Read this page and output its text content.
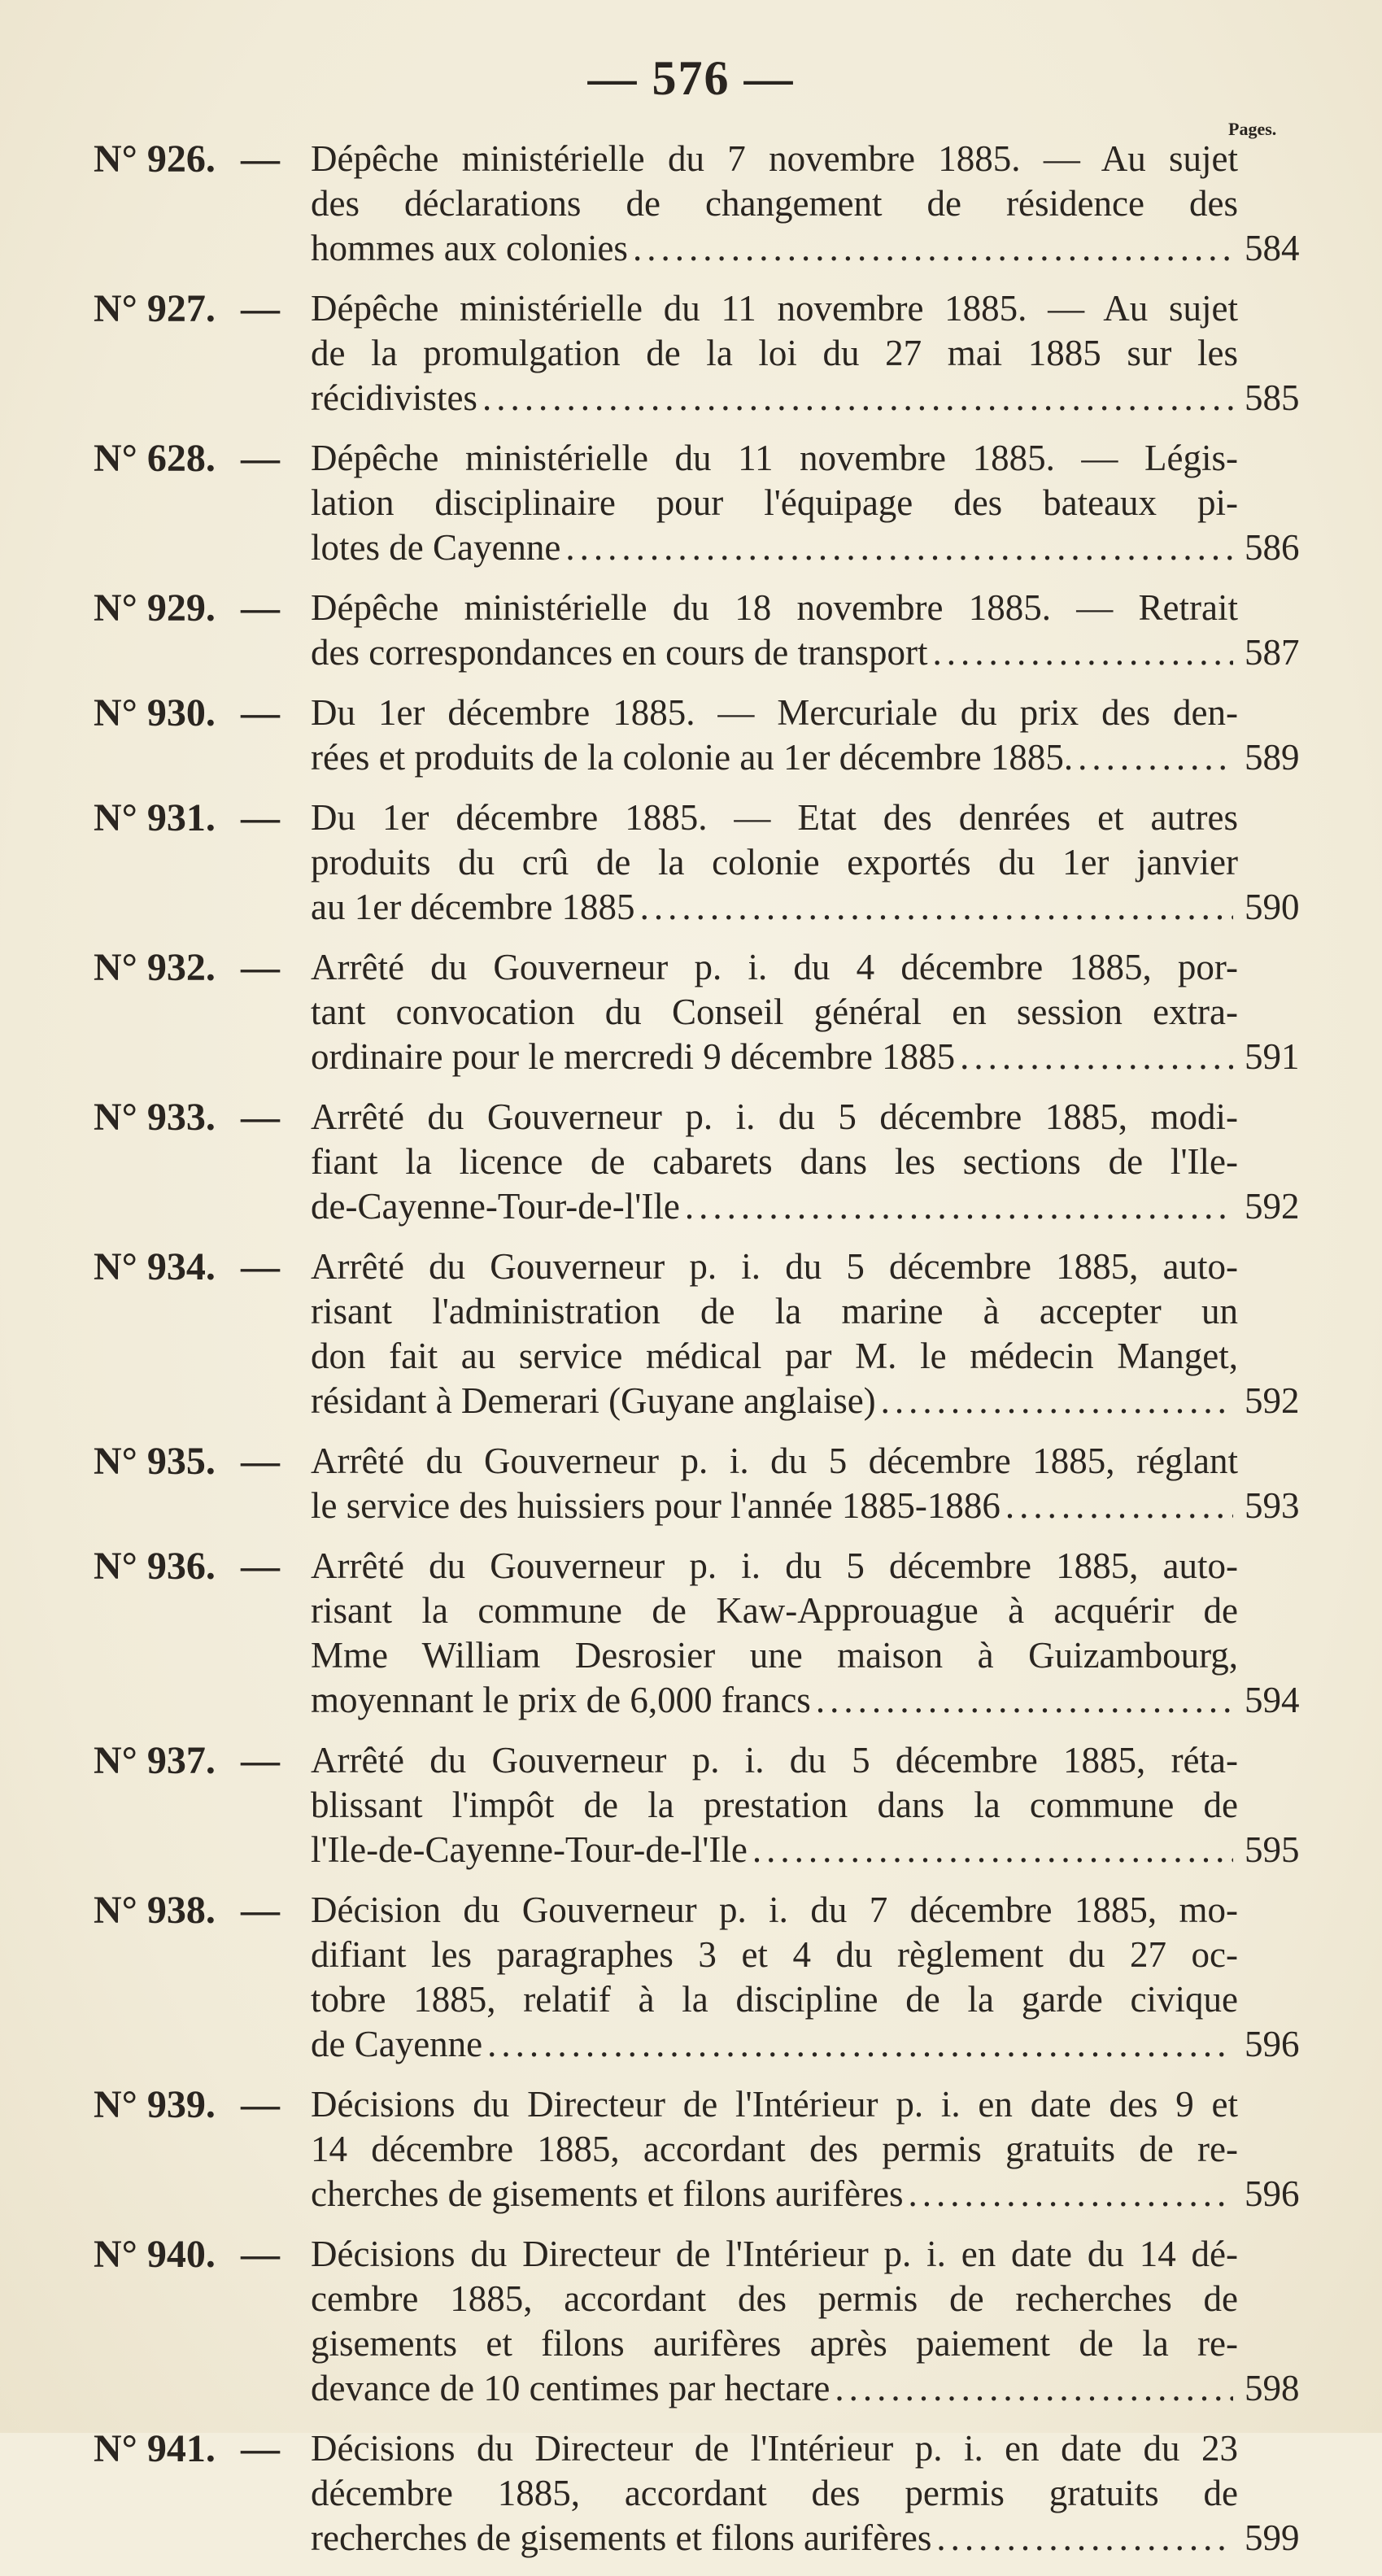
— 576 —
Pages.
N° 926. — Dépêche ministérielle du 7 novembre 1885. — Au sujet
des déclarations de changement de résidence des
hommes aux colonies .....	584
N° 927. — Dépêche ministérielle du 11 novembre 1885. — Au sujet
de la promulgation de la loi du 27 mai 1885 sur les
récidivistes .....	585
N° 628. — Dépêche ministérielle du 11 novembre 1885. — Légis-
lation disciplinaire pour l'équipage des bateaux pi-
lotes de Cayenne .....	586
N° 929. — Dépêche ministérielle du 18 novembre 1885. — Retrait
des correspondances en cours de transport .....	587
N° 930. — Du 1er décembre 1885. — Mercuriale du prix des den-
rées et produits de la colonie au 1er décembre 1885. .....	589
N° 931. — Du 1er décembre 1885. — Etat des denrées et autres
produits du crû de la colonie exportés du 1er janvier
au 1er décembre 1885 .....	590
N° 932. — Arrêté du Gouverneur p. i. du 4 décembre 1885, por-
tant convocation du Conseil général en session extra-
ordinaire pour le mercredi 9 décembre 1885 .....	591
N° 933. — Arrêté du Gouverneur p. i. du 5 décembre 1885, modi-
fiant la licence de cabarets dans les sections de l'Ile-
de-Cayenne-Tour-de-l'Ile .....	592
N° 934. — Arrêté du Gouverneur p. i. du 5 décembre 1885, auto-
risant l'administration de la marine à accepter un
don fait au service médical par M. le médecin Manget,
résidant à Demerari (Guyane anglaise) .....	592
N° 935. — Arrêté du Gouverneur p. i. du 5 décembre 1885, réglant
le service des huissiers pour l'année 1885-1886 .....	593
N° 936. — Arrêté du Gouverneur p. i. du 5 décembre 1885, auto-
risant la commune de Kaw-Approuague à acquérir de
Mme William Desrosier une maison à Guizambourg,
moyennant le prix de 6,000 francs .....	594
N° 937. — Arrêté du Gouverneur p. i. du 5 décembre 1885, réta-
blissant l'impôt de la prestation dans la commune de
l'Ile-de-Cayenne-Tour-de-l'Ile .....	595
N° 938. — Décision du Gouverneur p. i. du 7 décembre 1885, mo-
difiant les paragraphes 3 et 4 du règlement du 27 oc-
tobre 1885, relatif à la discipline de la garde civique
de Cayenne .....	596
N° 939. — Décisions du Directeur de l'Intérieur p. i. en date des 9 et
14 décembre 1885, accordant des permis gratuits de re-
cherches de gisements et filons aurifères .....	596
N° 940. — Décisions du Directeur de l'Intérieur p. i. en date du 14 dé-
cembre 1885, accordant des permis de recherches de
gisements et filons aurifères après paiement de la re-
devance de 10 centimes par hectare .....	598
N° 941. — Décisions du Directeur de l'Intérieur p. i. en date du 23
décembre 1885, accordant des permis gratuits de
recherches de gisements et filons aurifères .....	599
